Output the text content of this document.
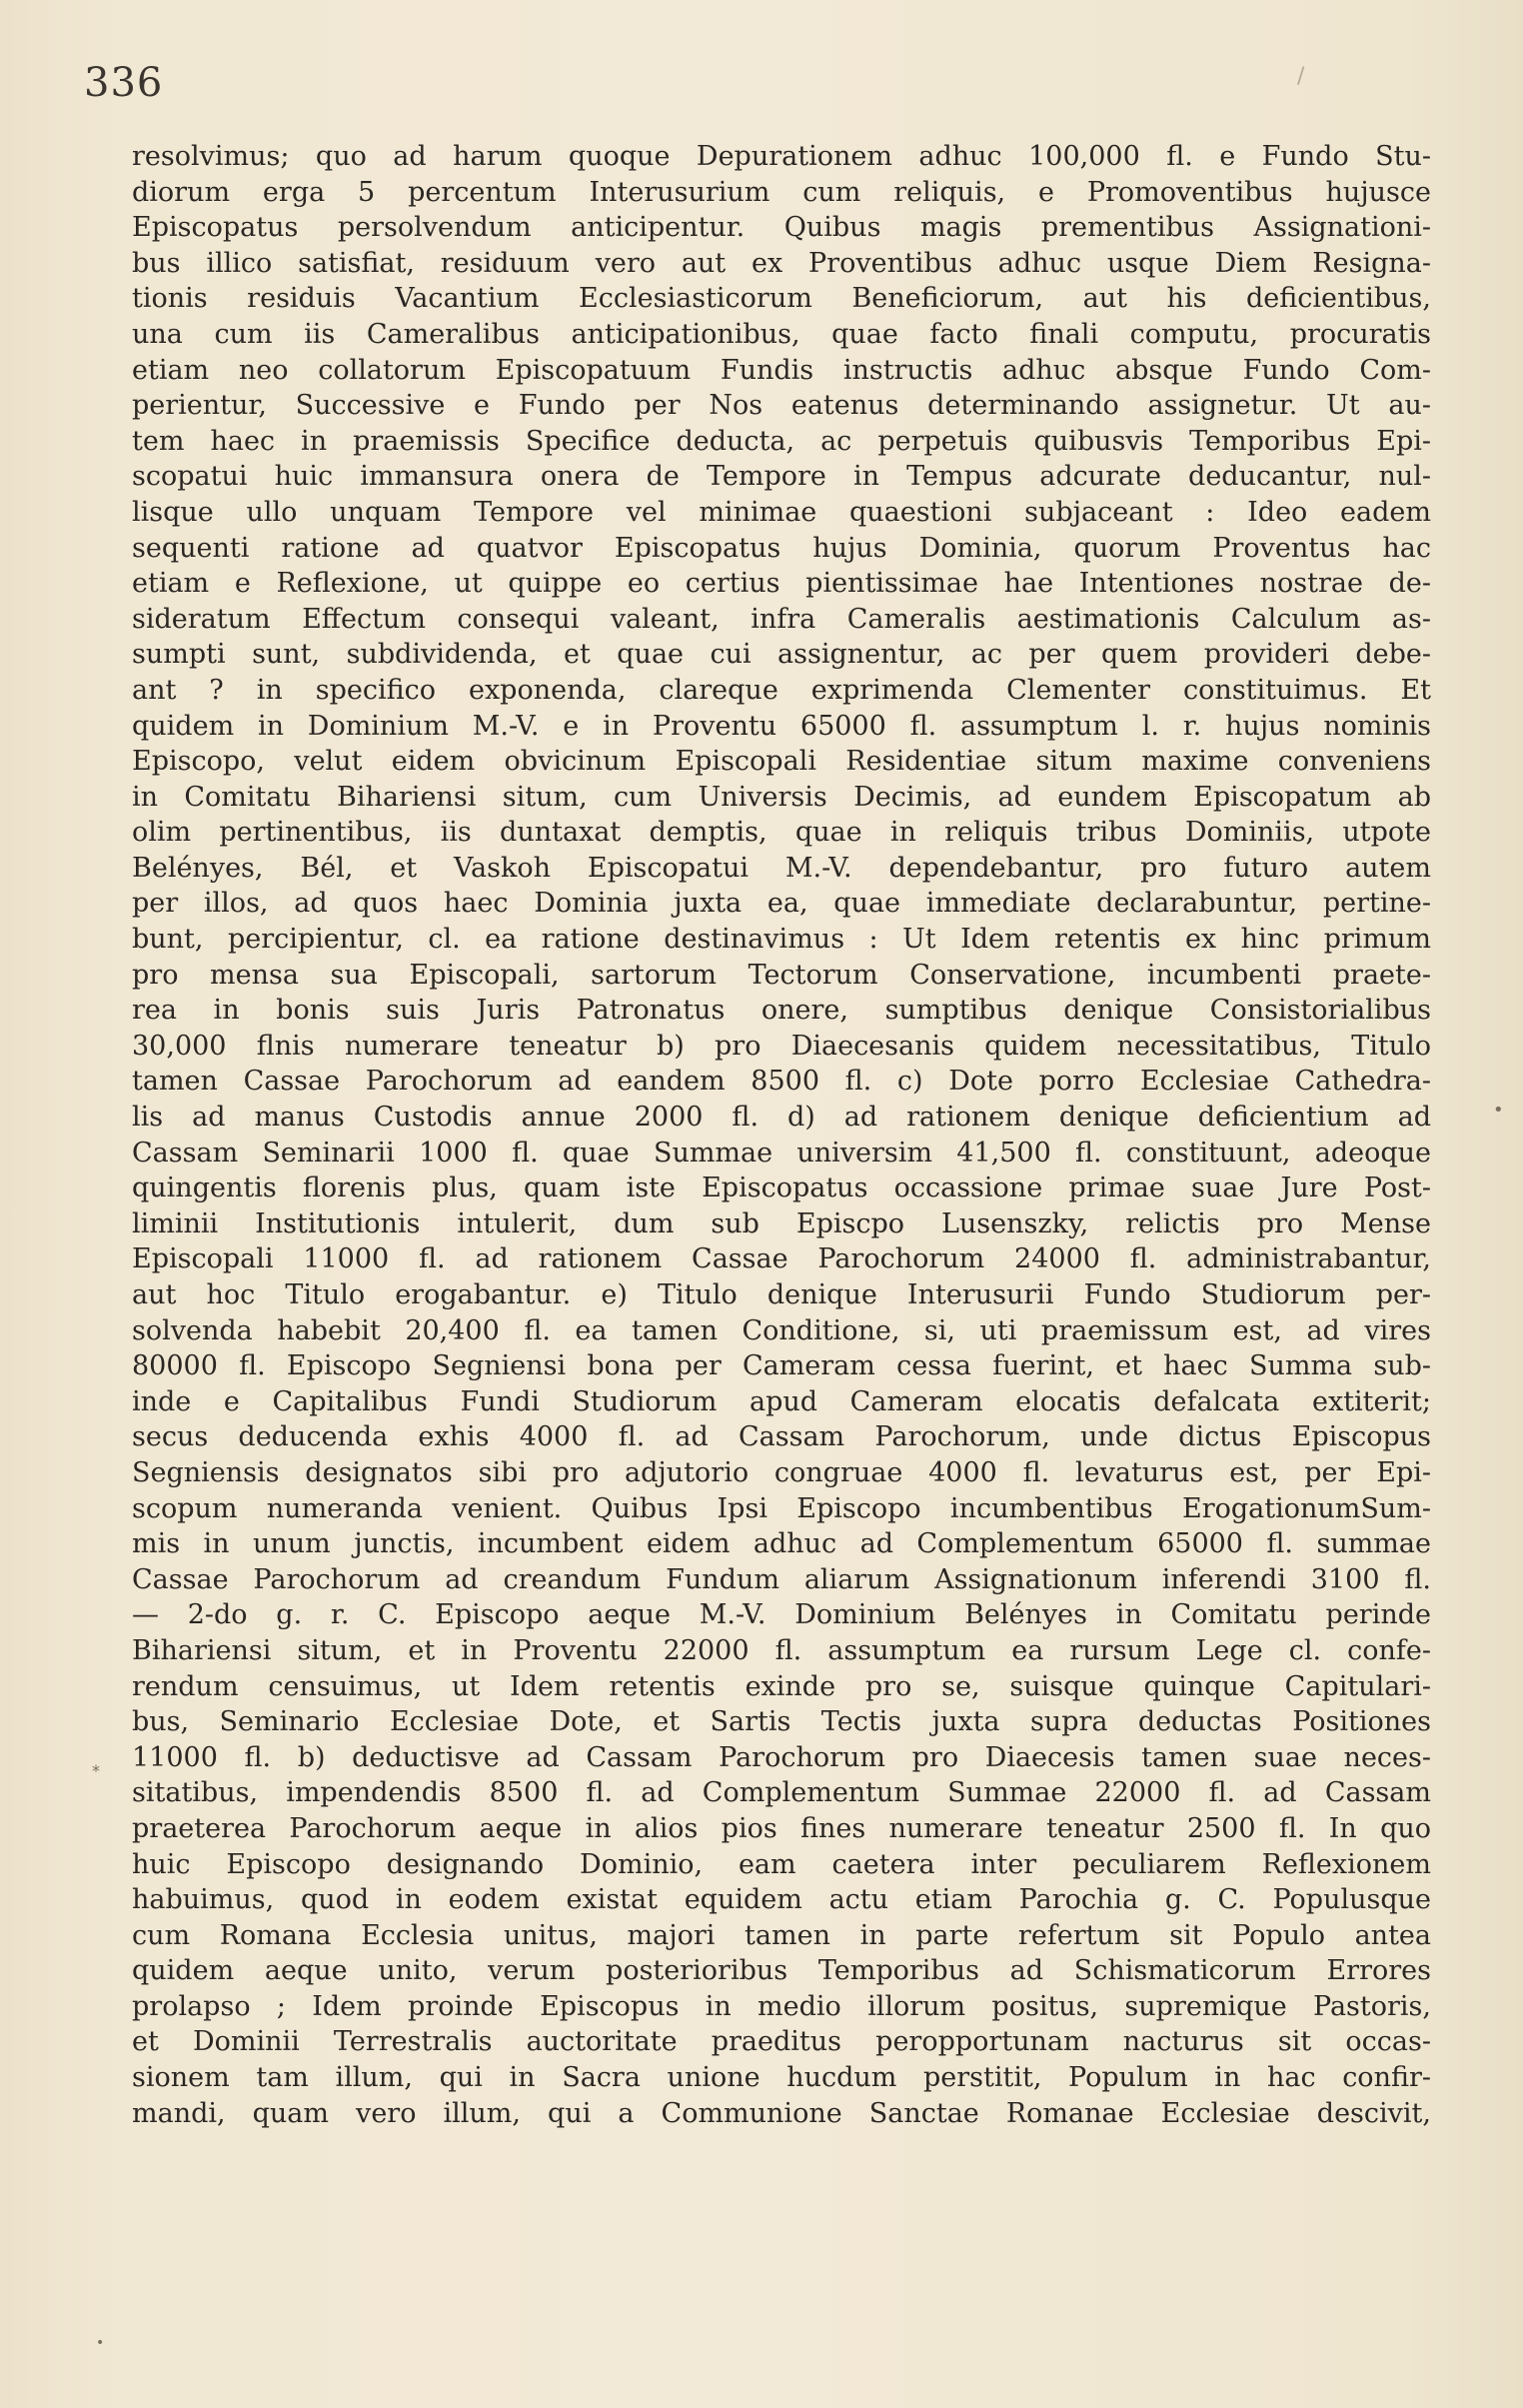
336	/
•
*
•
resolvimus; quo ad harum quoque Depurationem adhuc 100,000 fl. e Fundo Stu-
diorum erga 5 percentum Interusurium cum reliquis, e Promoventibus hujusce
Episcopatus persolvendum anticipentur. Quibus magis prementibus Assignationi-
bus illico satisfiat, residuum vero aut ex Proventibus adhuc usque Diem Resigna-
tionis residuis Vacantium Ecclesiasticorum Beneficiorum, aut his deficientibus,
una cum iis Cameralibus anticipationibus, quae facto finali computu, procuratis
etiam neo collatorum Episcopatuum Fundis instructis adhuc absque Fundo Com-
perientur, Successive e Fundo per Nos eatenus determinando assignetur. Ut au-
tem haec in praemissis Specifice deducta, ac perpetuis quibusvis Temporibus Epi-
scopatui huic immansura onera de Tempore in Tempus adcurate deducantur, nul-
lisque ullo unquam Tempore vel minimae quaestioni subjaceant : Ideo eadem
sequenti ratione ad quatvor Episcopatus hujus Dominia, quorum Proventus hac
etiam e Reflexione, ut quippe eo certius pientissimae hae Intentiones nostrae de-
sideratum Effectum consequi valeant, infra Cameralis aestimationis Calculum as-
sumpti sunt, subdividenda, et quae cui assignentur, ac per quem provideri debe-
ant ? in specifico exponenda, clareque exprimenda Clementer constituimus. Et
quidem in Dominium M.-V. e in Proventu 65000 fl. assumptum l. r. hujus nominis
Episcopo, velut eidem obvicinum Episcopali Residentiae situm maxime conveniens
in Comitatu Bihariensi situm, cum Universis Decimis, ad eundem Episcopatum ab
olim pertinentibus, iis duntaxat demptis, quae in reliquis tribus Dominiis, utpote
Belényes, Bél, et Vaskoh Episcopatui M.-V. dependebantur, pro futuro autem
per illos, ad quos haec Dominia juxta ea, quae immediate declarabuntur, pertine-
bunt, percipientur, cl. ea ratione destinavimus : Ut Idem retentis ex hinc primum
pro mensa sua Episcopali, sartorum Tectorum Conservatione, incumbenti praete-
rea in bonis suis Juris Patronatus onere, sumptibus denique Consistorialibus
30,000 flnis numerare teneatur b) pro Diaecesanis quidem necessitatibus, Titulo
tamen Cassae Parochorum ad eandem 8500 fl. c) Dote porro Ecclesiae Cathedra-
lis ad manus Custodis annue 2000 fl. d) ad rationem denique deficientium ad
Cassam Seminarii 1000 fl. quae Summae universim 41,500 fl. constituunt, adeoque
quingentis florenis plus, quam iste Episcopatus occassione primae suae Jure Post-
liminii Institutionis intulerit, dum sub Episcpo Lusenszky, relictis pro Mense
Episcopali 11000 fl. ad rationem Cassae Parochorum 24000 fl. administrabantur,
aut hoc Titulo erogabantur. e) Titulo denique Interusurii Fundo Studiorum per-
solvenda habebit 20,400 fl. ea tamen Conditione, si, uti praemissum est, ad vires
80000 fl. Episcopo Segniensi bona per Cameram cessa fuerint, et haec Summa sub-
inde e Capitalibus Fundi Studiorum apud Cameram elocatis defalcata extiterit;
secus deducenda exhis 4000 fl. ad Cassam Parochorum, unde dictus Episcopus
Segniensis designatos sibi pro adjutorio congruae 4000 fl. levaturus est, per Epi-
scopum numeranda venient. Quibus Ipsi Episcopo incumbentibus ErogationumSum-
mis in unum junctis, incumbent eidem adhuc ad Complementum 65000 fl. summae
Cassae Parochorum ad creandum Fundum aliarum Assignationum inferendi 3100 fl.
— 2-do g. r. C. Episcopo aeque M.-V. Dominium Belényes in Comitatu perinde
Bihariensi situm, et in Proventu 22000 fl. assumptum ea rursum Lege cl. confe-
rendum censuimus, ut Idem retentis exinde pro se, suisque quinque Capitulari-
bus, Seminario Ecclesiae Dote, et Sartis Tectis juxta supra deductas Positiones
11000 fl. b) deductisve ad Cassam Parochorum pro Diaecesis tamen suae neces-
sitatibus, impendendis 8500 fl. ad Complementum Summae 22000 fl. ad Cassam
praeterea Parochorum aeque in alios pios fines numerare teneatur 2500 fl. In quo
huic Episcopo designando Dominio, eam caetera inter peculiarem Reflexionem
habuimus, quod in eodem existat equidem actu etiam Parochia g. C. Populusque
cum Romana Ecclesia unitus, majori tamen in parte refertum sit Populo antea
quidem aeque unito, verum posterioribus Temporibus ad Schismaticorum Errores
prolapso ; Idem proinde Episcopus in medio illorum positus, supremique Pastoris,
et Dominii Terrestralis auctoritate praeditus peropportunam nacturus sit occas-
sionem tam illum, qui in Sacra unione hucdum perstitit, Populum in hac confir-
mandi, quam vero illum, qui a Communione Sanctae Romanae Ecclesiae descivit,
